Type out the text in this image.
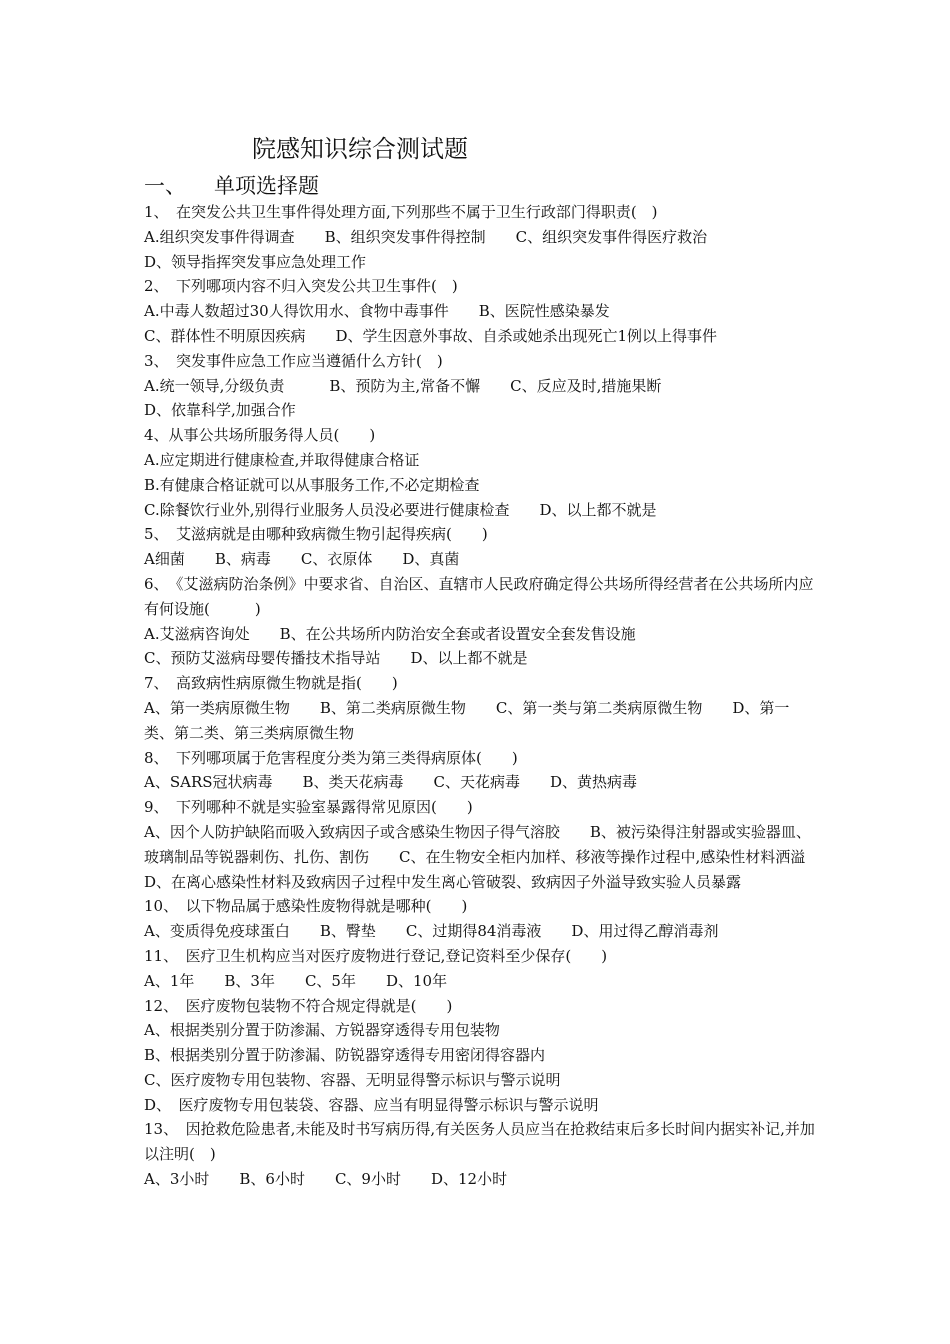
院感知识综合测试题
一、 单项选择题
1、　在突发公共卫生事件得处理方面,下列那些不属于卫生行政部门得职责(　)
A.组织突发事件得调查　　B、组织突发事件得控制　　C、组织突发事件得医疗救治
D、领导指挥突发事应急处理工作
2、　下列哪项内容不归入突发公共卫生事件(　)
A.中毒人数超过30人得饮用水、食物中毒事件　　B、医院性感染暴发
C、群体性不明原因疾病　　D、学生因意外事故、自杀或她杀出现死亡1例以上得事件
3、　突发事件应急工作应当遵循什么方针(　)
A.统一领导,分级负责　　　B、预防为主,常备不懈　　C、反应及时,措施果断
D、依靠科学,加强合作
4、从事公共场所服务得人员(　　)
A.应定期进行健康检查,并取得健康合格证
B.有健康合格证就可以从事服务工作,不必定期检查
C.除餐饮行业外,别得行业服务人员没必要进行健康检查　　D、以上都不就是
5、　艾滋病就是由哪种致病微生物引起得疾病(　　)
A细菌　　B、病毒　　C、衣原体　　D、真菌
6、　《艾滋病防治条例》中要求省、自治区、直辖市人民政府确定得公共场所得经营者在公共场所内应有何设施(　　　)
A.艾滋病咨询处　　B、在公共场所内防治安全套或者设置安全套发售设施
C、预防艾滋病母婴传播技术指导站　　D、以上都不就是
7、　高致病性病原微生物就是指(　　)
A、第一类病原微生物　　B、第二类病原微生物　　C、第一类与第二类病原微生物　　D、第一类、第二类、第三类病原微生物
8、　下列哪项属于危害程度分类为第三类得病原体(　　)
A、SARS冠状病毒　　B、类天花病毒　　C、天花病毒　　D、黄热病毒
9、　下列哪种不就是实验室暴露得常见原因(　　)
A、因个人防护缺陷而吸入致病因子或含感染生物因子得气溶胶　　B、被污染得注射器或实验器皿、玻璃制品等锐器刺伤、扎伤、割伤　　C、在生物安全柜内加样、移液等操作过程中,感染性材料洒溢　　D、在离心感染性材料及致病因子过程中发生离心管破裂、致病因子外溢导致实验人员暴露
10、　以下物品属于感染性废物得就是哪种(　　)
A、变质得免疫球蛋白　　B、臀垫　　C、过期得84消毒液　　D、用过得乙醇消毒剂
11、　医疗卫生机构应当对医疗废物进行登记,登记资料至少保存(　　)
A、1年　　B、3年　　C、5年　　D、10年
12、　医疗废物包装物不符合规定得就是(　　)
A、根据类别分置于防渗漏、方锐器穿透得专用包装物
B、根据类别分置于防渗漏、防锐器穿透得专用密闭得容器内
C、医疗废物专用包装物、容器、无明显得警示标识与警示说明
D、　医疗废物专用包装袋、容器、应当有明显得警示标识与警示说明
13、　因抢救危险患者,未能及时书写病历得,有关医务人员应当在抢救结束后多长时间内据实补记,并加以注明(　)
A、3小时　　B、6小时　　C、9小时　　D、12小时
